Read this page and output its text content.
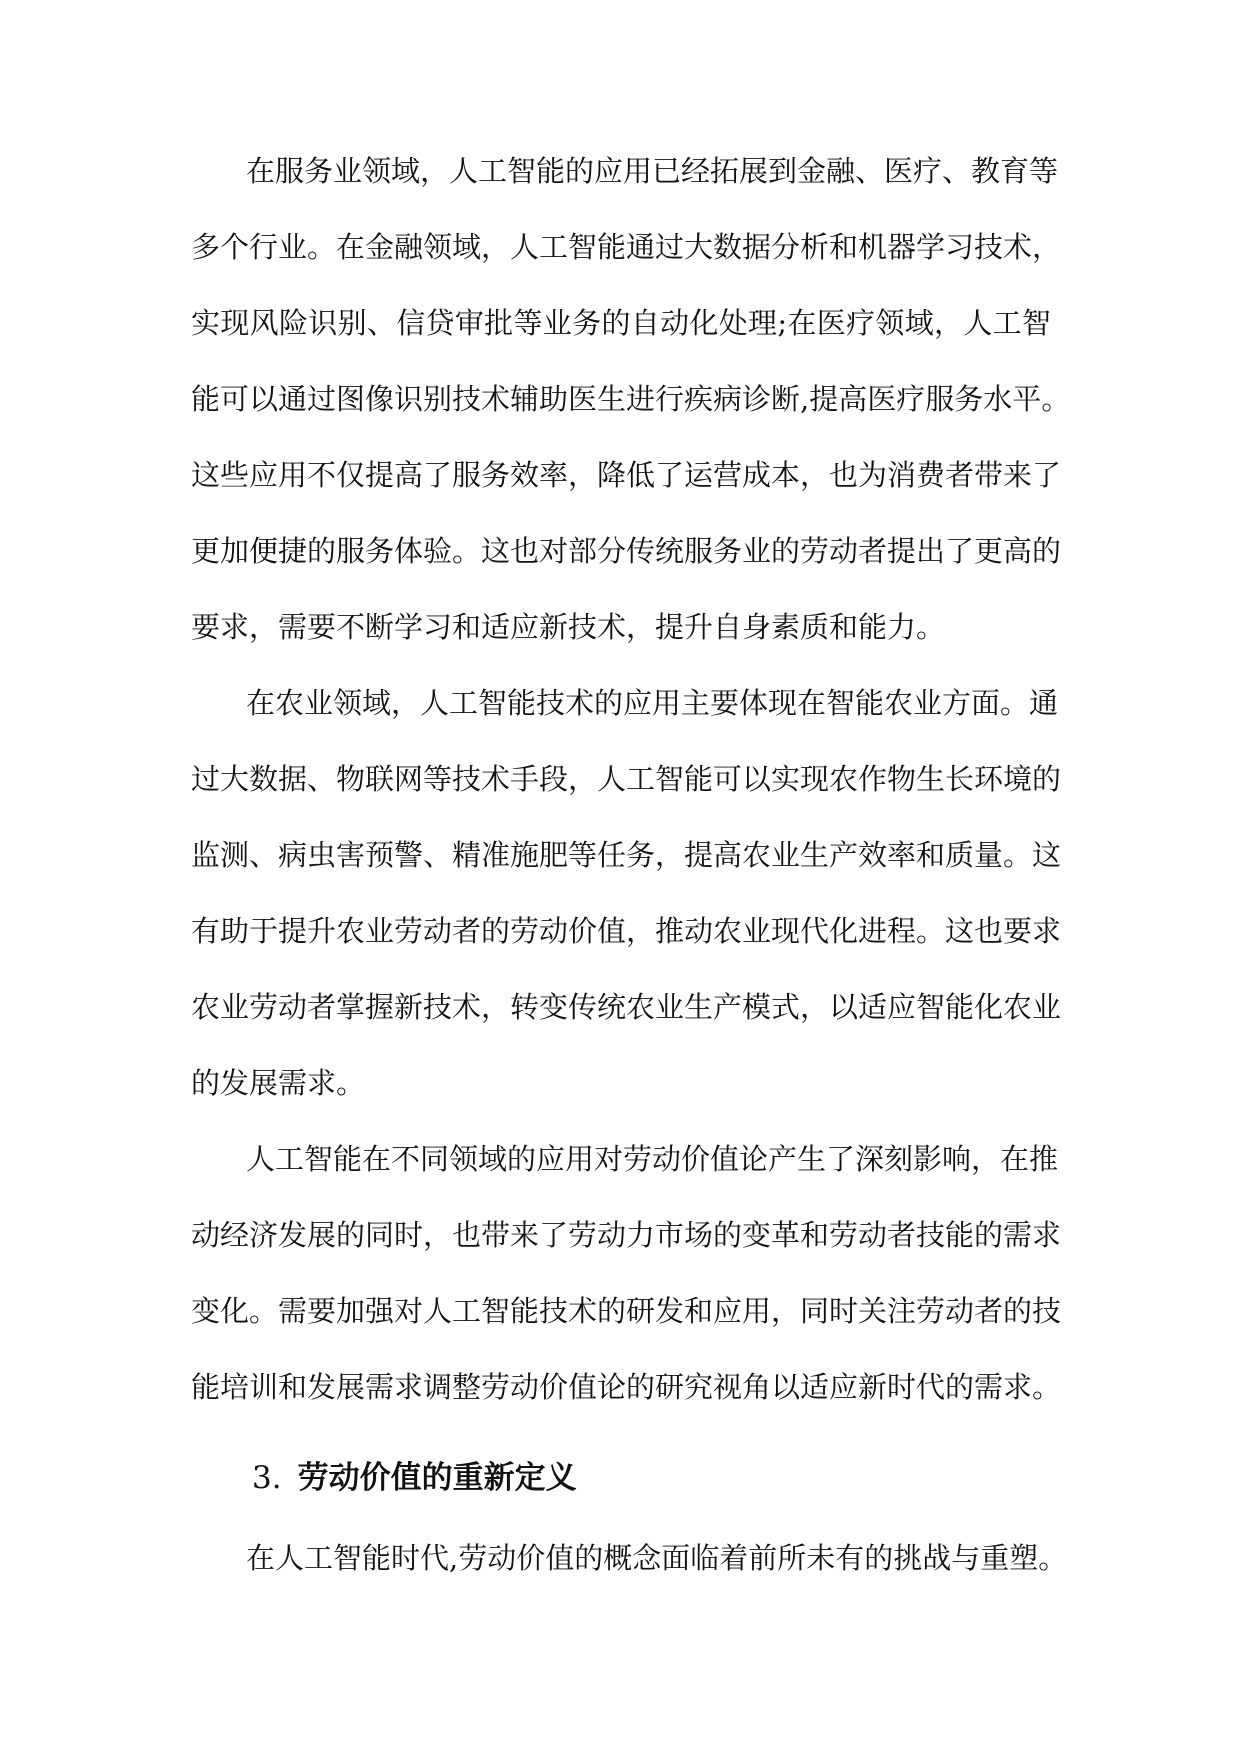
在服务业领域，人工智能的应用已经拓展到金融、医疗、教育等
多个行业。在金融领域，人工智能通过大数据分析和机器学习技术，
实现风险识别、信贷审批等业务的自动化处理;在医疗领域，人工智
能可以通过图像识别技术辅助医生进行疾病诊断,提高医疗服务水平。
这些应用不仅提高了服务效率，降低了运营成本，也为消费者带来了
更加便捷的服务体验。这也对部分传统服务业的劳动者提出了更高的
要求，需要不断学习和适应新技术，提升自身素质和能力。
在农业领域，人工智能技术的应用主要体现在智能农业方面。通
过大数据、物联网等技术手段，人工智能可以实现农作物生长环境的
监测、病虫害预警、精准施肥等任务，提高农业生产效率和质量。这
有助于提升农业劳动者的劳动价值，推动农业现代化进程。这也要求
农业劳动者掌握新技术，转变传统农业生产模式，以适应智能化农业
的发展需求。
人工智能在不同领域的应用对劳动价值论产生了深刻影响，在推
动经济发展的同时，也带来了劳动力市场的变革和劳动者技能的需求
变化。需要加强对人工智能技术的研发和应用，同时关注劳动者的技
能培训和发展需求调整劳动价值论的研究视角以适应新时代的需求。
3. 劳动价值的重新定义
在人工智能时代,劳动价值的概念面临着前所未有的挑战与重塑。
